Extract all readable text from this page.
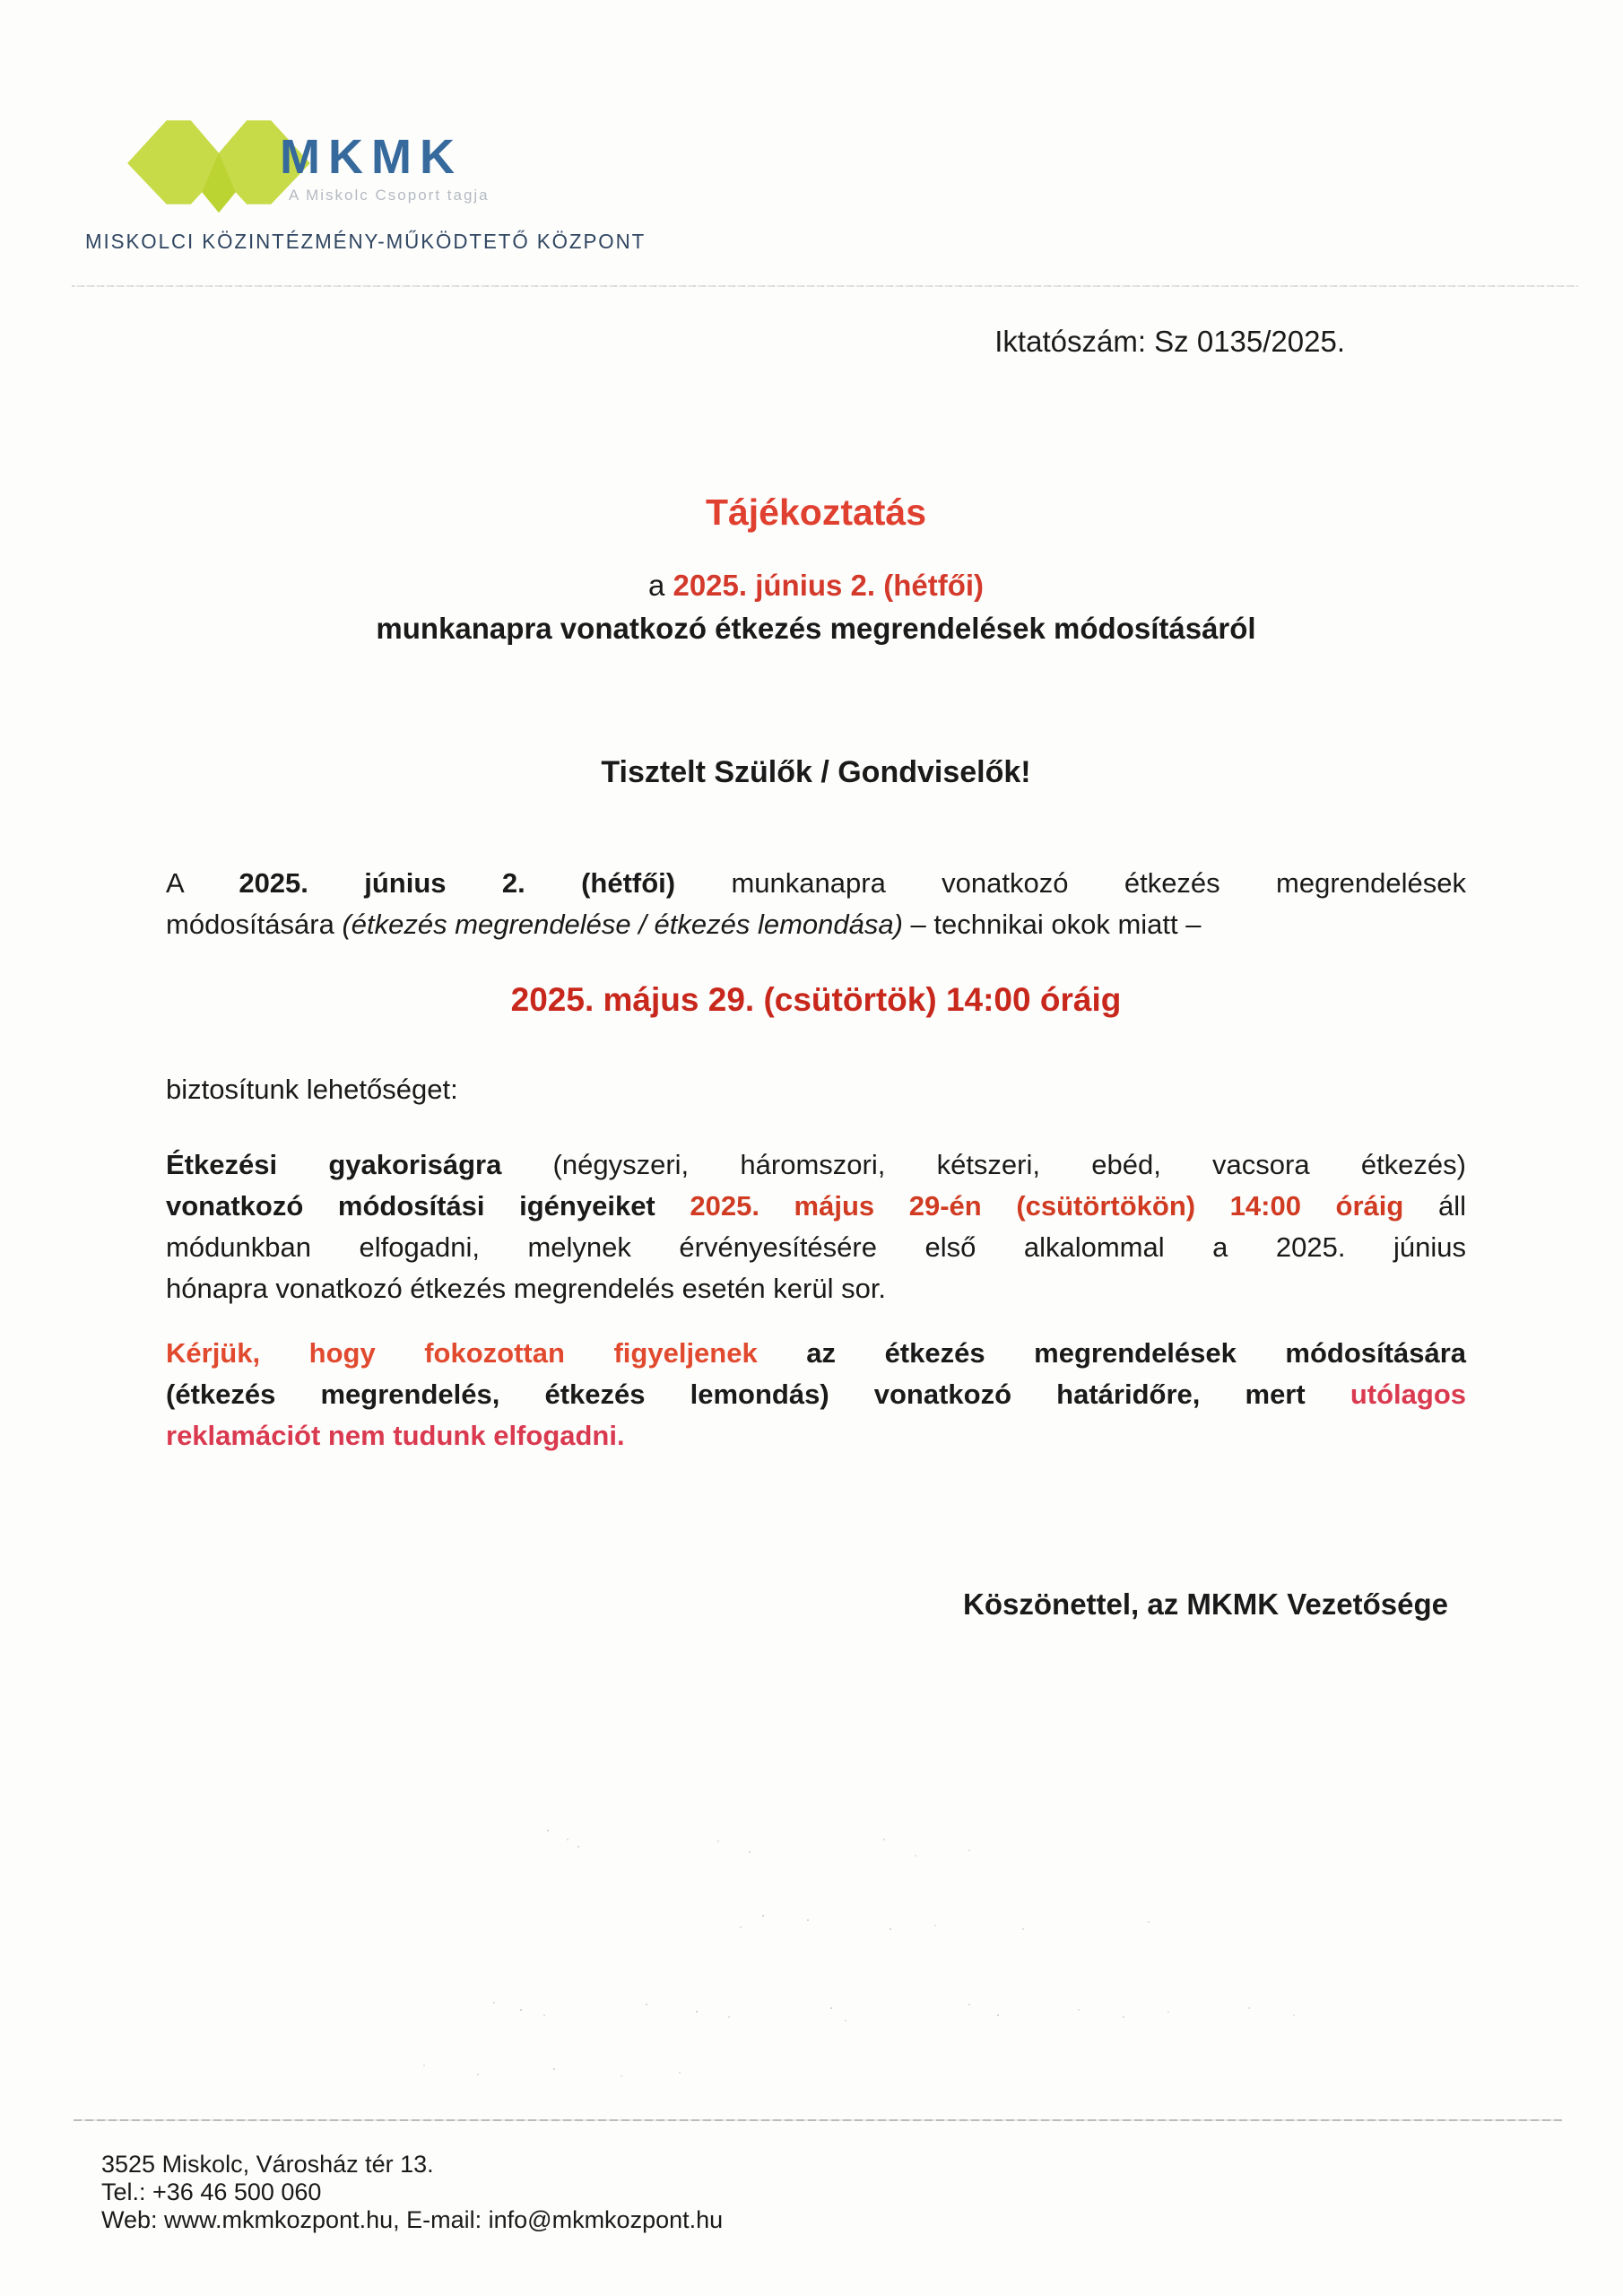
MKMK
A Miskolc Csoport tagja
MISKOLCI KÖZINTÉZMÉNY-MŰKÖDTETŐ KÖZPONT
Iktatószám: Sz 0135/2025.
Tájékoztatás
a 2025. június 2. (hétfői)
munkanapra vonatkozó étkezés megrendelések módosításáról
Tisztelt Szülők / Gondviselők!
A 2025. június 2. (hétfői) munkanapra vonatkozó étkezés megrendelések
módosítására (étkezés megrendelése / étkezés lemondása) – technikai okok miatt –
2025. május 29. (csütörtök) 14:00 óráig
biztosítunk lehetőséget:
Étkezési gyakoriságra (négyszeri, háromszori, kétszeri, ebéd, vacsora étkezés)
vonatkozó módosítási igényeiket 2025. május 29-én (csütörtökön) 14:00 óráig áll
módunkban elfogadni, melynek érvényesítésére első alkalommal a 2025. június
hónapra vonatkozó étkezés megrendelés esetén kerül sor.
Kérjük, hogy fokozottan figyeljenek az étkezés megrendelések módosítására
(étkezés megrendelés, étkezés lemondás) vonatkozó határidőre, mert utólagos
reklamációt nem tudunk elfogadni.
Köszönettel, az MKMK Vezetősége
3525 Miskolc, Városház tér 13.
Tel.: +36 46 500 060
Web: www.mkmkozpont.hu, E-mail: info@mkmkozpont.hu
